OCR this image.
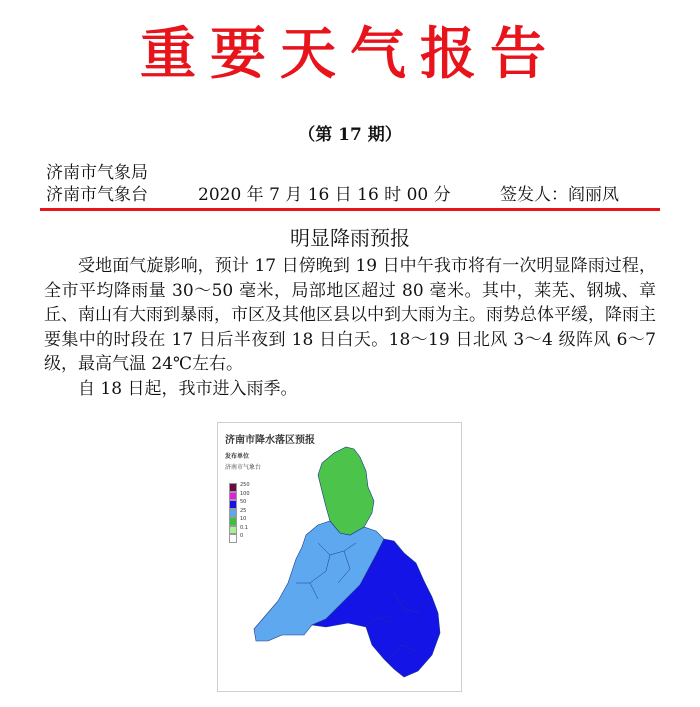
重要天气报告
（第 17 期）
济南市气象局
济南市气象台	2020 年 7 月 16 日 16 时 00 分	签发人：阎丽凤
明显降雨预报

受地面气旋影响，预计 17 日傍晚到 19 日中午我市将有一次明显降雨过程，全市平均降雨量 30～50 毫米，局部地区超过 80 毫米。其中，莱芜、钢城、章丘、南山有大雨到暴雨，市区及其他区县以中到大雨为主。雨势总体平缓，降雨主要集中的时段在 17 日后半夜到 18 日白天。18～19 日北风 3～4 级阵风 6～7 级，最高气温 24℃左右。

自 18 日起，我市进入雨季。

济南市降水落区预报
发布单位
济南市气象台
250
100
50
25
10
0.1
0
